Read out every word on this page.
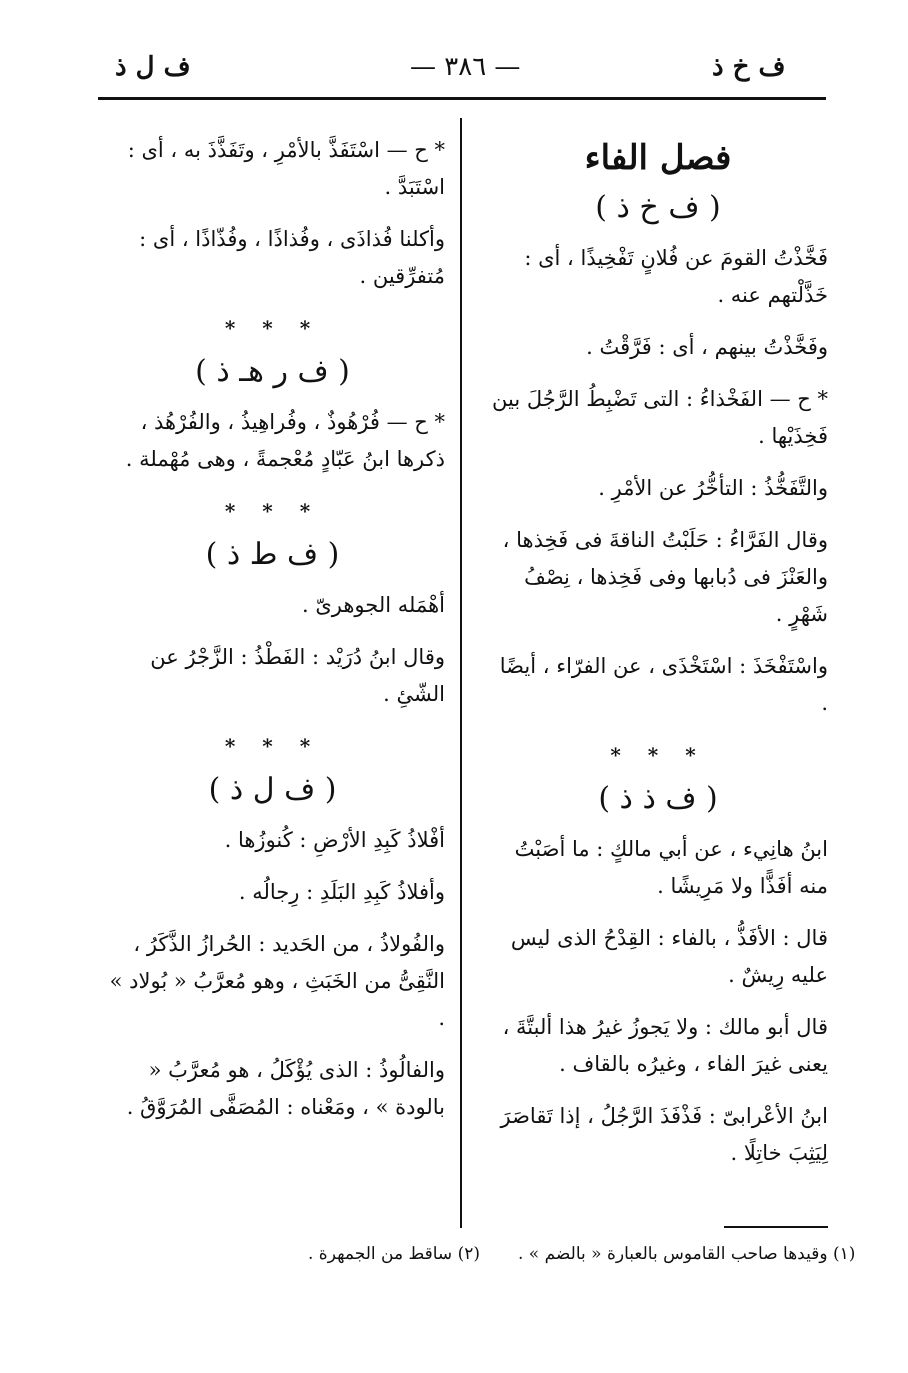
ف خ ذ
— ٣٨٦ —
ف ل ذ
فصل الفاء
( ف خ ذ )

فَخَّذْتُ القومَ عن فُلانٍ تَفْخِيذًا ، أى : خَذَّلْتهم عنه .

وفَخَّذْتُ بينهم ، أى : فَرَّقْتُ .

* ح — الفَخْذاءُ : التى تَضْبِطُ الرَّجُلَ بين فَخِذَيْها .

والتَّفَخُّذُ : التأخُّرُ عن الأمْرِ .

وقال الفَرَّاءُ : حَلَبْتُ الناقةَ فى فَخِذها ، والعَنْزَ فى دُبابها وفى فَخِذها ، نِصْفُ شَهْرٍ .

واسْتَفْخَذَ : اسْتَخْذَى ، عن الفرّاء ، أيضًا .

* * *
( ف ذ ذ )

ابنُ هانِيء ، عن أبي مالكٍ : ما أصَبْتُ منه أفَذًّا ولا مَرِيشًا .

قال : الأفَذُّ ، بالفاء : القِدْحُ الذى ليس عليه رِيشٌ .

قال أبو مالك : ولا يَجوزُ غيرُ هذا ألبتَّةَ ، يعنى غيرَ الفاء ، وغيرُه بالقاف .

ابنُ الأعْرابىّ : فَذْفَذَ الرَّجُلُ ، إذا تَقاصَرَ لِيَثِبَ خاتِلًا .

* ح — اسْتَفَذَّ بالأمْرِ ، وتَفَذَّذَ به ، أى : اسْتَبَدَّ .

وأكلنا فُذاذَى ، وفُذاذًا ، وفُذّاذًا ، أى : مُتفرِّقين .

* * *
( ف ر هـ ذ )

* ح — فُرْهُوذٌ ، وفُراهِيذُ ، والفُرْهُذ ، ذكرها ابنُ عَبّادٍ مُعْجمةً ، وهى مُهْملة .

* * *
( ف ط ذ )

أهْمَله الجوهرىّ .

وقال ابنُ دُرَيْد : الفَطْذُ : الزَّجْرُ عن الشّئِ .

* * *
( ف ل ذ )

أفْلاذُ كَبِدِ الأرْضِ : كُنوزُها .

وأفلاذُ كَبِدِ البَلَدِ : رِجالُه .

والفُولاذُ ، من الحَديد : الحُرازُ الذَّكَرُ ، النَّقِىُّ من الخَبَثِ ، وهو مُعرَّبُ « بُولاد » .

والفالُوذُ : الذى يُؤْكَلُ ، هو مُعرَّبُ « بالودة » ، ومَعْناه : المُصَفَّى المُرَوَّقُ .

(١) وقيدها صاحب القاموس بالعبارة « بالضم » .
(٢) ساقط من الجمهرة .
